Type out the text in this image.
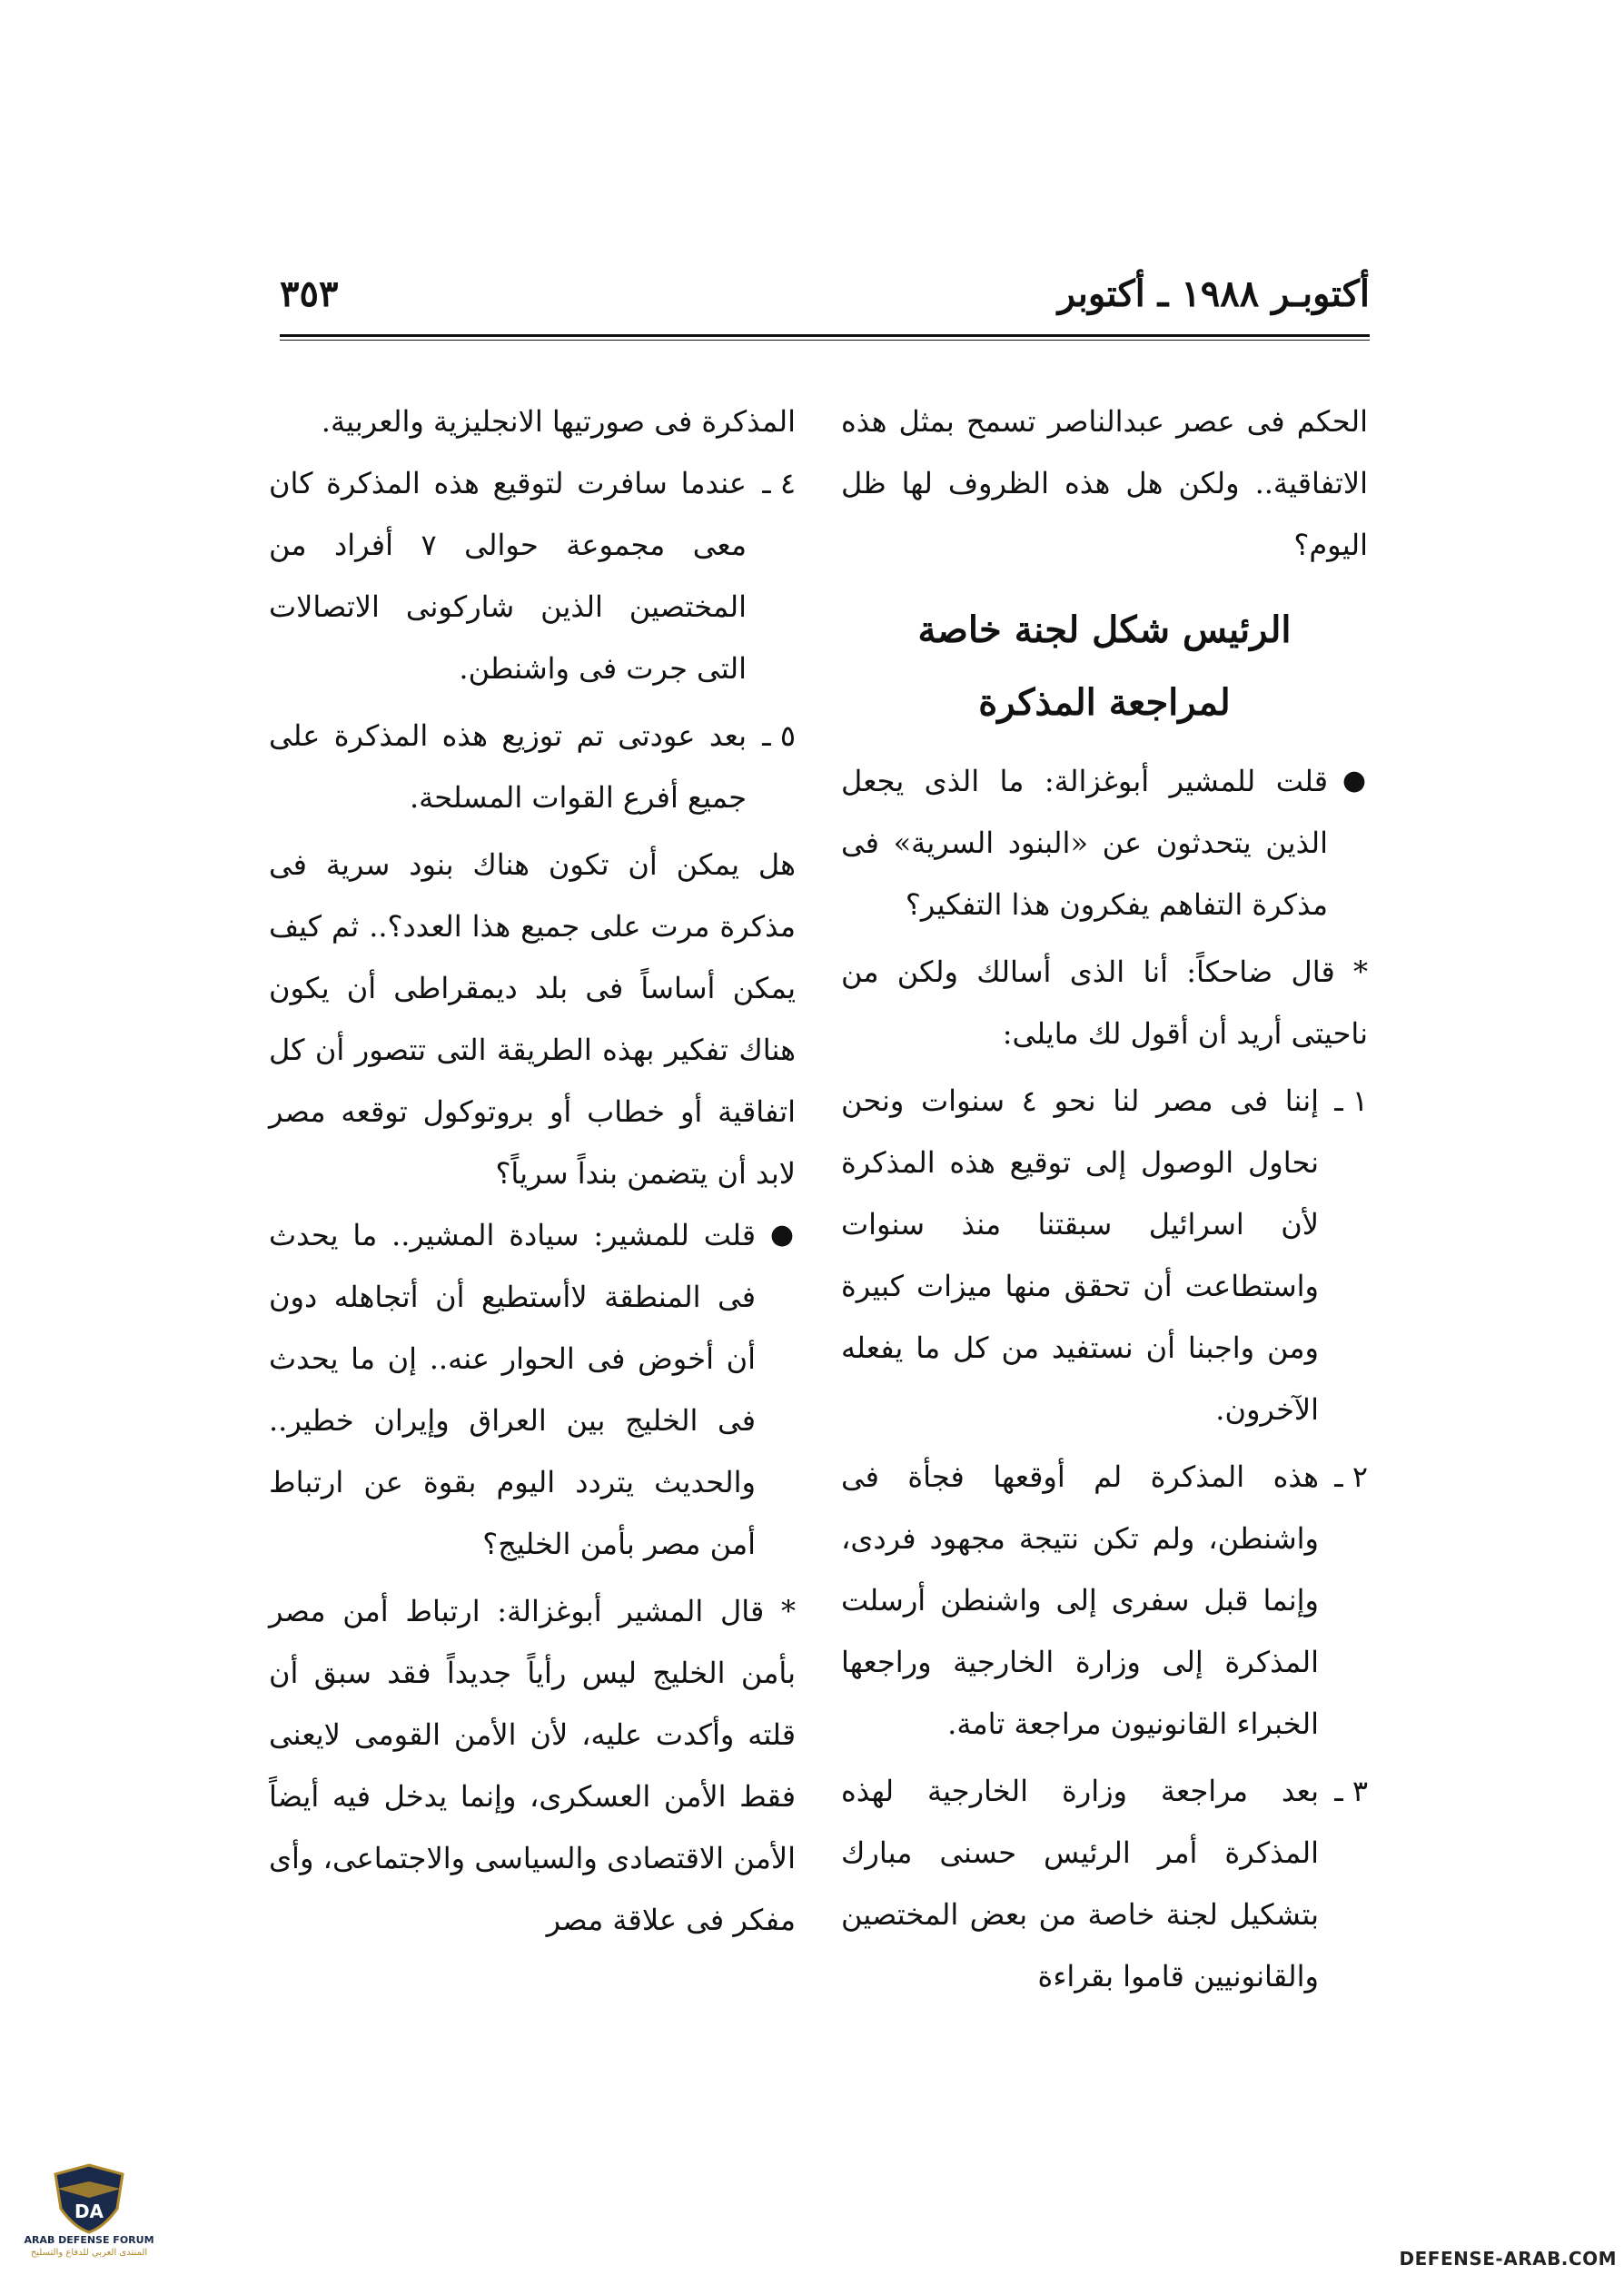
أكتوبـر ١٩٨٨ ـ أكتوبر
٣٥٣

الحكم فى عصر عبدالناصر تسمح بمثل هذه الاتفاقية.. ولكن هل هذه الظروف لها ظل اليوم؟

الرئيس شكل لجنة خاصة
لمراجعة المذكرة
●

قلت للمشير أبوغزالة: ما الذى يجعل الذين يتحدثون عن «البنود السرية» فى مذكرة التفاهم يفكرون هذا التفكير؟

* قال ضاحكاً: أنا الذى أسالك ولكن من ناحيتى أريد أن أقول لك مايلى:

١ ـ

إننا فى مصر لنا نحو ٤ سنوات ونحن نحاول الوصول إلى توقيع هذه المذكرة لأن اسرائيل سبقتنا منذ سنوات واستطاعت أن تحقق منها ميزات كبيرة ومن واجبنا أن نستفيد من كل ما يفعله الآخرون.

٢ ـ

هذه المذكرة لم أوقعها فجأة فى واشنطن، ولم تكن نتيجة مجهود فردى، وإنما قبل سفرى إلى واشنطن أرسلت المذكرة إلى وزارة الخارجية وراجعها الخبراء القانونيون مراجعة تامة.

٣ ـ

بعد مراجعة وزارة الخارجية لهذه المذكرة أمر الرئيس حسنى مبارك بتشكيل لجنة خاصة من بعض المختصين والقانونيين قاموا بقراءة

المذكرة فى صورتيها الانجليزية والعربية.

٤ ـ

عندما سافرت لتوقيع هذه المذكرة كان معى مجموعة حوالى ٧ أفراد من المختصين الذين شاركونى الاتصالات التى جرت فى واشنطن.

٥ ـ

بعد عودتى تم توزيع هذه المذكرة على جميع أفرع القوات المسلحة.

هل يمكن أن تكون هناك بنود سرية فى مذكرة مرت على جميع هذا العدد؟.. ثم كيف يمكن أساساً فى بلد ديمقراطى أن يكون هناك تفكير بهذه الطريقة التى تتصور أن كل اتفاقية أو خطاب أو بروتوكول توقعه مصر لابد أن يتضمن بنداً سرياً؟

●

قلت للمشير: سيادة المشير.. ما يحدث فى المنطقة لاأستطيع أن أتجاهله دون أن أخوض فى الحوار عنه.. إن ما يحدث فى الخليج بين العراق وإيران خطير.. والحديث يتردد اليوم بقوة عن ارتباط أمن مصر بأمن الخليج؟

* قال المشير أبوغزالة: ارتباط أمن مصر بأمن الخليج ليس رأياً جديداً فقد سبق أن قلته وأكدت عليه، لأن الأمن القومى لايعنى فقط الأمن العسكرى، وإنما يدخل فيه أيضاً الأمن الاقتصادى والسياسى والاجتماعى، وأى مفكر فى علاقة مصر

DA
ARAB DEFENSE FORUM
المنتدى العربي للدفاع والتسليح	DEFENSE-ARAB.COM
